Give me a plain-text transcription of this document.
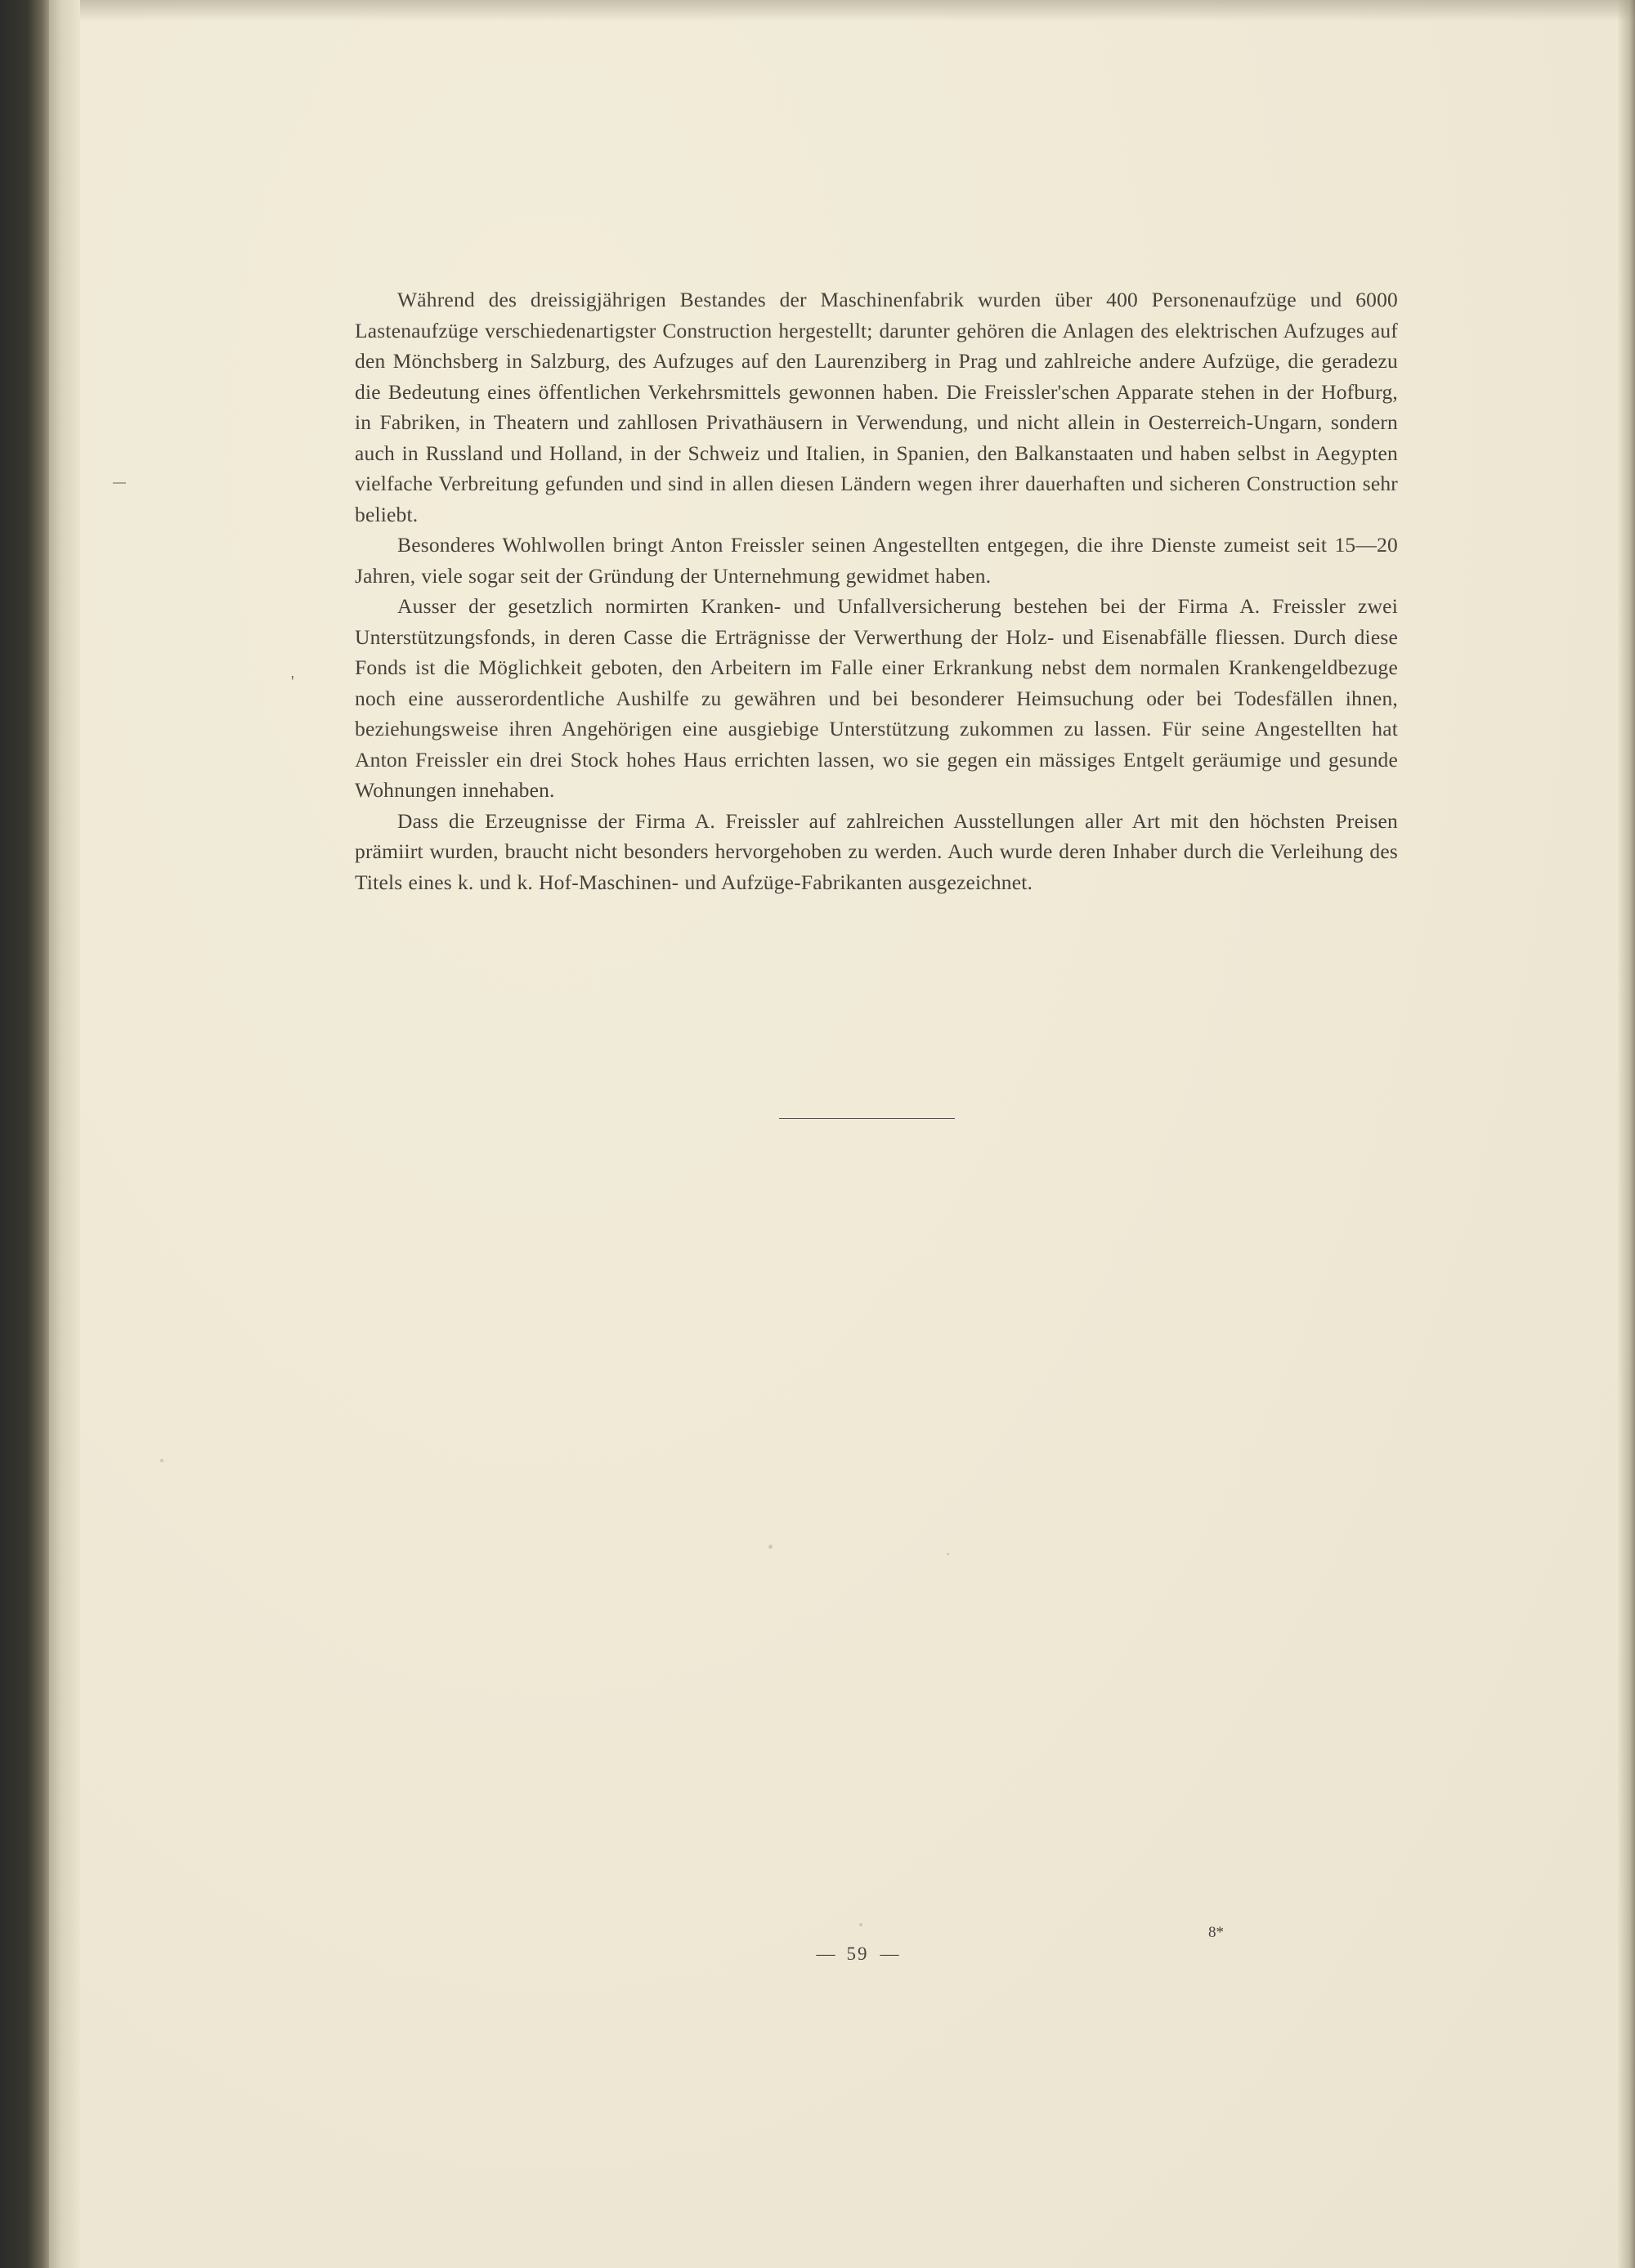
'

Während des dreissigjährigen Bestandes der Maschinenfabrik wurden über 400 Personenaufzüge und 6000 Lastenaufzüge verschiedenartigster Construction hergestellt; darunter gehören die Anlagen des elektrischen Aufzuges auf den Mönchsberg in Salzburg, des Aufzuges auf den Laurenziberg in Prag und zahlreiche andere Aufzüge, die geradezu die Bedeutung eines öffentlichen Verkehrsmittels gewonnen haben. Die Freissler'schen Apparate stehen in der Hofburg, in Fabriken, in Theatern und zahllosen Privathäusern in Verwendung, und nicht allein in Oesterreich-Ungarn, sondern auch in Russland und Holland, in der Schweiz und Italien, in Spanien, den Balkanstaaten und haben selbst in Aegypten vielfache Verbreitung gefunden und sind in allen diesen Ländern wegen ihrer dauerhaften und sicheren Construction sehr beliebt.

Besonderes Wohlwollen bringt Anton Freissler seinen Angestellten entgegen, die ihre Dienste zumeist seit 15—20 Jahren, viele sogar seit der Gründung der Unternehmung gewidmet haben.

Ausser der gesetzlich normirten Kranken- und Unfallversicherung bestehen bei der Firma A. Freissler zwei Unterstützungsfonds, in deren Casse die Erträgnisse der Verwerthung der Holz- und Eisenabfälle fliessen. Durch diese Fonds ist die Möglichkeit geboten, den Arbeitern im Falle einer Erkrankung nebst dem normalen Krankengeldbezuge noch eine ausserordentliche Aushilfe zu gewähren und bei besonderer Heimsuchung oder bei Todesfällen ihnen, beziehungsweise ihren Angehörigen eine ausgiebige Unterstützung zukommen zu lassen. Für seine Angestellten hat Anton Freissler ein drei Stock hohes Haus errichten lassen, wo sie gegen ein mässiges Entgelt geräumige und gesunde Wohnungen innehaben.

Dass die Erzeugnisse der Firma A. Freissler auf zahlreichen Ausstellungen aller Art mit den höchsten Preisen prämiirt wurden, braucht nicht besonders hervorgehoben zu werden. Auch wurde deren Inhaber durch die Verleihung des Titels eines k. und k. Hof-Maschinen- und Aufzüge-Fabrikanten ausgezeichnet.

— 59 —
8*
